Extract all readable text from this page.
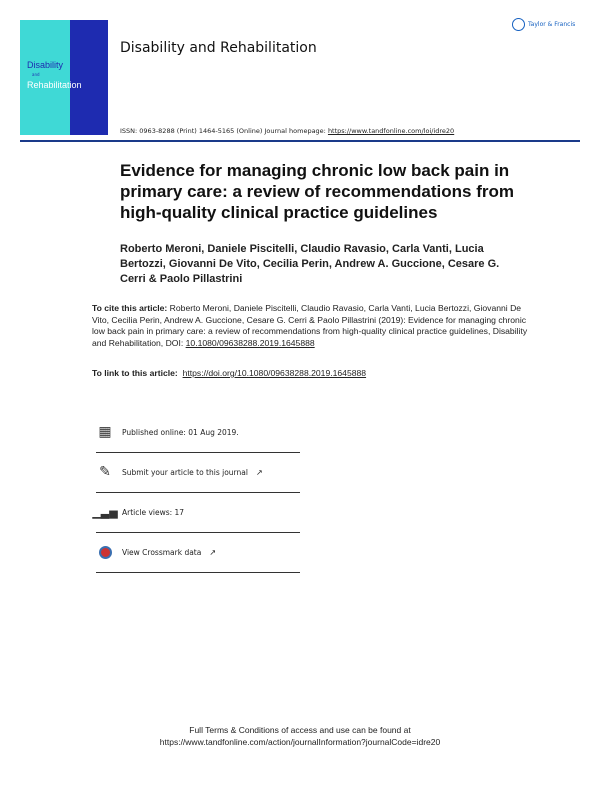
Disability
and
Rehabilitation
Disability and Rehabilitation
Taylor & Francis
ISSN: 0963-8288 (Print) 1464-5165 (Online) Journal homepage: https://www.tandfonline.com/loi/idre20
Evidence for managing chronic low back pain in primary care: a review of recommendations from high-quality clinical practice guidelines
Roberto Meroni, Daniele Piscitelli, Claudio Ravasio, Carla Vanti, Lucia Bertozzi, Giovanni De Vito, Cecilia Perin, Andrew A. Guccione, Cesare G. Cerri & Paolo Pillastrini
To cite this article: Roberto Meroni, Daniele Piscitelli, Claudio Ravasio, Carla Vanti, Lucia Bertozzi, Giovanni De Vito, Cecilia Perin, Andrew A. Guccione, Cesare G. Cerri & Paolo Pillastrini (2019): Evidence for managing chronic low back pain in primary care: a review of recommendations from high-quality clinical practice guidelines, Disability and Rehabilitation, DOI: 10.1080/09638288.2019.1645888
To link to this article: https://doi.org/10.1080/09638288.2019.1645888
▦	Published online: 01 Aug 2019.
✎	Submit your article to this journal ↗
▁▃▅ Article views: 17
View Crossmark data ↗
Full Terms & Conditions of access and use can be found at
https://www.tandfonline.com/action/journalInformation?journalCode=idre20
